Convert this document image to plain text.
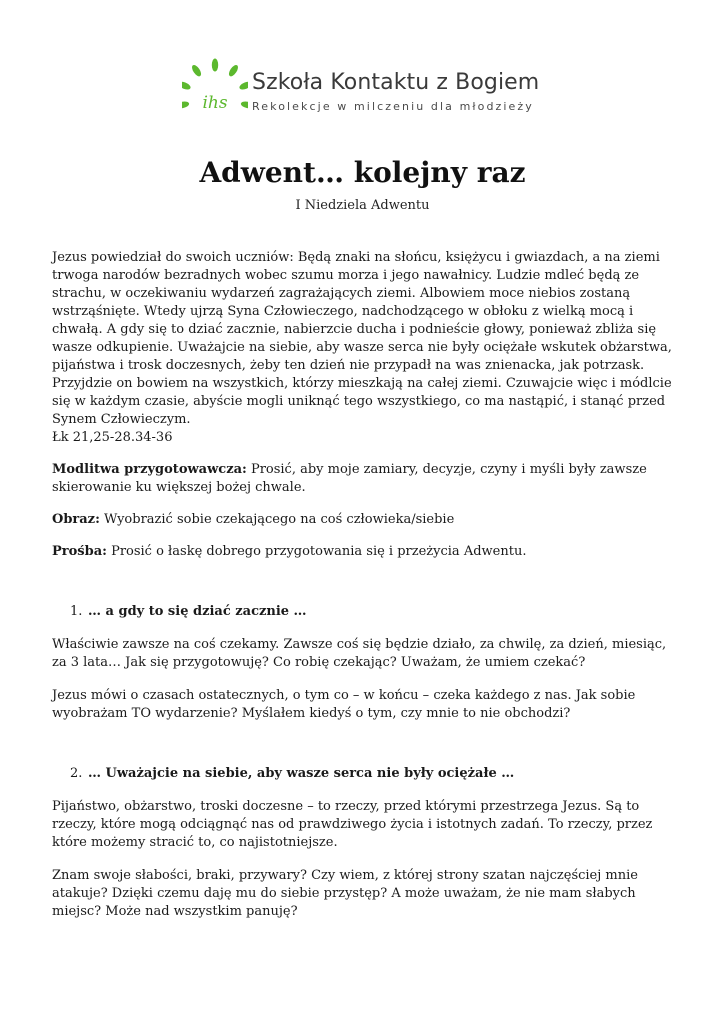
ihs
Szkoła Kontaktu z Bogiem
Rekolekcje w milczeniu dla młodzieży
Adwent… kolejny raz
I Niedziela Adwentu

Jezus powiedział do swoich uczniów: Będą znaki na słońcu, księżycu i gwiazdach, a na ziemi trwoga narodów bezradnych wobec szumu morza i jego nawałnicy. Ludzie mdleć będą ze strachu, w oczekiwaniu wydarzeń zagrażających ziemi. Albowiem moce niebios zostaną wstrząśnięte. Wtedy ujrzą Syna Człowieczego, nadchodzącego w obłoku z wielką mocą i chwałą. A gdy się to dziać zacznie, nabierzcie ducha i podnieście głowy, ponieważ zbliża się wasze odkupienie. Uważajcie na siebie, aby wasze serca nie były ociężałe wskutek obżarstwa, pijaństwa i trosk doczesnych, żeby ten dzień nie przypadł na was znienacka, jak potrzask. Przyjdzie on bowiem na wszystkich, którzy mieszkają na całej ziemi. Czuwajcie więc i módlcie się w każdym czasie, abyście mogli uniknąć tego wszystkiego, co ma nastąpić, i stanąć przed Synem Człowieczym.

Łk 21,25-28.34-36

Modlitwa przygotowawcza: Prosić, aby moje zamiary, decyzje, czyny i myśli były zawsze skierowanie ku większej bożej chwale.

Obraz: Wyobrazić sobie czekającego na coś człowieka/siebie

Prośba: Prosić o łaskę dobrego przygotowania się i przeżycia Adwentu.

1. … a gdy to się dziać zacznie …

Właściwie zawsze na coś czekamy. Zawsze coś się będzie działo, za chwilę, za dzień, miesiąc, za 3 lata… Jak się przygotowuję? Co robię czekając? Uważam, że umiem czekać?

Jezus mówi o czasach ostatecznych, o tym co – w końcu – czeka każdego z nas. Jak sobie wyobrażam TO wydarzenie? Myślałem kiedyś o tym, czy mnie to nie obchodzi?

2. … Uważajcie na siebie, aby wasze serca nie były ociężałe …

Pijaństwo, obżarstwo, troski doczesne – to rzeczy, przed którymi przestrzega Jezus. Są to rzeczy, które mogą odciągnąć nas od prawdziwego życia i istotnych zadań. To rzeczy, przez które możemy stracić to, co najistotniejsze.

Znam swoje słabości, braki, przywary? Czy wiem, z której strony szatan najczęściej mnie atakuje? Dzięki czemu daję mu do siebie przystęp? A może uważam, że nie mam słabych miejsc? Może nad wszystkim panuję?
